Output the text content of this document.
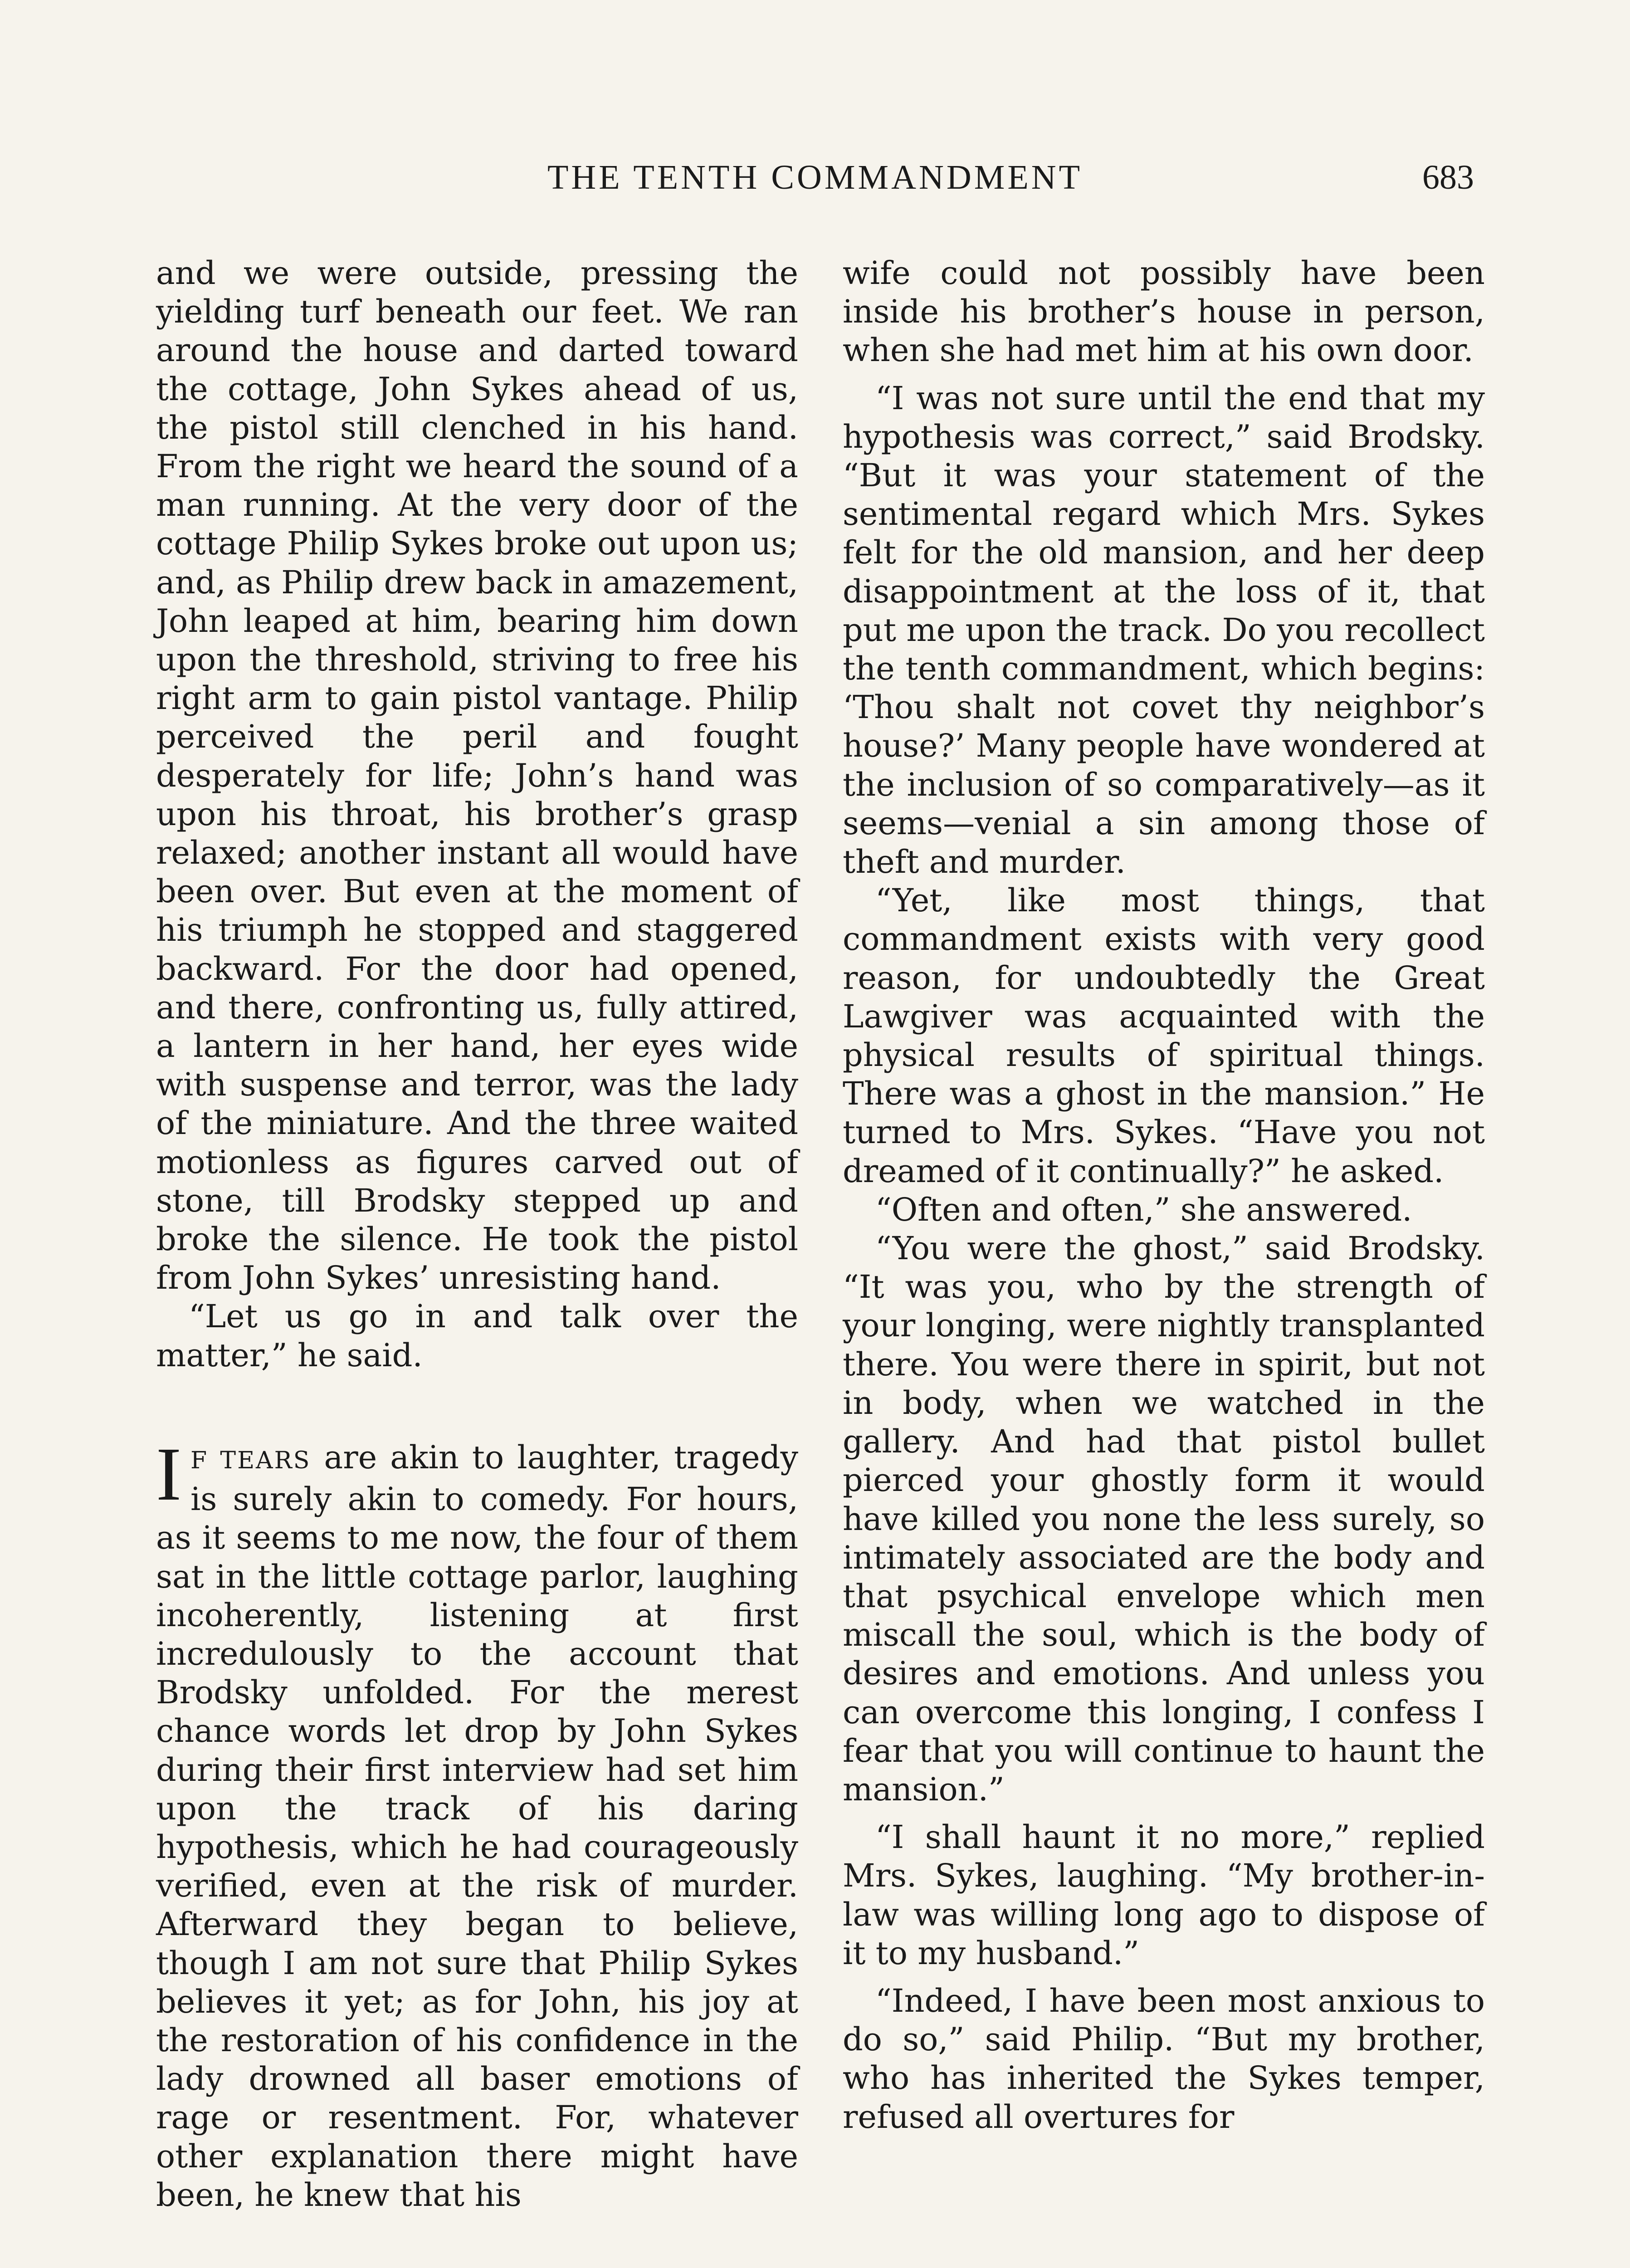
THE TENTH COMMANDMENT	683

and we were outside, pressing the yielding turf beneath our feet. We ran around the house and darted toward the cottage, John Sykes ahead of us, the pistol still clenched in his hand. From the right we heard the sound of a man running. At the very door of the cottage Philip Sykes broke out upon us; and, as Philip drew back in amazement, John leaped at him, bearing him down upon the threshold, striving to free his right arm to gain pistol vantage. Philip perceived the peril and fought desperately for life; John’s hand was upon his throat, his brother’s grasp relaxed; another instant all would have been over. But even at the moment of his triumph he stopped and staggered backward. For the door had opened, and there, confronting us, fully attired, a lantern in her hand, her eyes wide with suspense and terror, was the lady of the miniature. And the three waited motionless as figures carved out of stone, till Brodsky stepped up and broke the silence. He took the pistol from John Sykes’ unresisting hand.

“Let us go in and talk over the matter,” he said.

I F TEARS are akin to laughter, tragedy is surely akin to comedy. For hours, as it seems to me now, the four of them sat in the little cottage parlor, laughing incoherently, listening at first incredulously to the account that Brodsky unfolded. For the merest chance words let drop by John Sykes during their first interview had set him upon the track of his daring hypothesis, which he had courageously verified, even at the risk of murder. Afterward they began to believe, though I am not sure that Philip Sykes believes it yet; as for John, his joy at the restoration of his confidence in the lady drowned all baser emotions of rage or resentment. For, whatever other explanation there might have been, he knew that his

wife could not possibly have been inside his brother’s house in person, when she had met him at his own door.

“I was not sure until the end that my hypothesis was correct,” said Brodsky. “But it was your statement of the sentimental regard which Mrs. Sykes felt for the old mansion, and her deep disappointment at the loss of it, that put me upon the track. Do you recollect the tenth commandment, which begins: ‘Thou shalt not covet thy neighbor’s house?’ Many people have wondered at the inclusion of so comparatively—as it seems—venial a sin among those of theft and murder.

“Yet, like most things, that commandment exists with very good reason, for undoubtedly the Great Lawgiver was acquainted with the physical results of spiritual things. There was a ghost in the mansion.” He turned to Mrs. Sykes. “Have you not dreamed of it continually?” he asked.

“Often and often,” she answered.

“You were the ghost,” said Brodsky. “It was you, who by the strength of your longing, were nightly transplanted there. You were there in spirit, but not in body, when we watched in the gallery. And had that pistol bullet pierced your ghostly form it would have killed you none the less surely, so intimately associated are the body and that psychical envelope which men miscall the soul, which is the body of desires and emotions. And unless you can overcome this longing, I confess I fear that you will continue to haunt the mansion.”

“I shall haunt it no more,” replied Mrs. Sykes, laughing. “My brother-in-law was willing long ago to dispose of it to my husband.”

“Indeed, I have been most anxious to do so,” said Philip. “But my brother, who has inherited the Sykes temper, refused all overtures for
